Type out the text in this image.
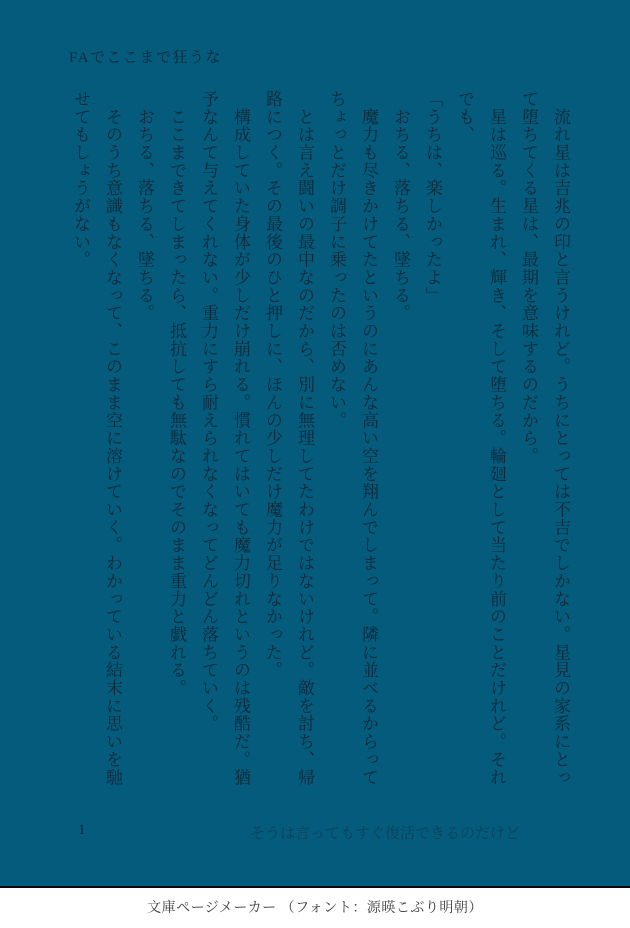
FAでここまで狂うな

　流れ星は吉兆の印と言うけれど。うちにとっては不吉でしかない。星見の家系にとって堕ちてくる星は、最期を意味するのだから。

　星は巡る。生まれ、輝き、そして堕ちる。輪廻として当たり前のことだけれど。それでも、

「うちは、楽しかったよ」

　おちる、落ちる、墜ちる。

　魔力も尽きかけてたというのにあんな高い空を翔んでしまって。隣に並べるからってちょっとだけ調子に乗ったのは否めない。

　とは言え闘いの最中なのだから、別に無理してたわけではないけれど。敵を討ち、帰路につく。その最後のひと押しに、ほんの少しだけ魔力が足りなかった。

　構成していた身体が少しだけ崩れる。慣れてはいても魔力切れというのは残酷だ。猶予なんて与えてくれない。重力にすら耐えられなくなってどんどん落ちていく。

　ここまできてしまったら、抵抗しても無駄なのでそのまま重力と戯れる。

　おちる、落ちる、墜ちる。

　そのうち意識もなくなって、このまま空に溶けていく。わかっている結末に思いを馳せてもしょうがない。

1	そうは言ってもすぐ復活できるのだけど
文庫ページメーカー （フォント：源暎こぶり明朝）
